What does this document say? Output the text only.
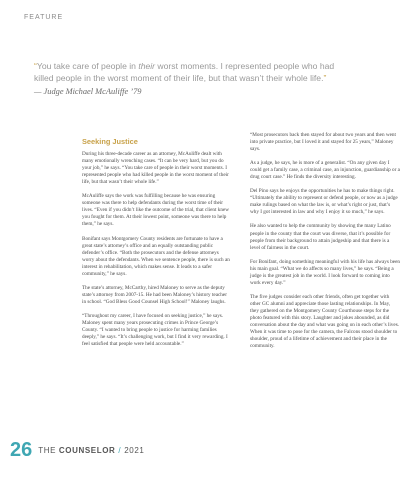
FEATURE
“You take care of people in their worst moments. I represented people who had killed people in the worst moment of their life, but that wasn’t their whole life.”
— Judge Michael McAuliffe ’79
Seeking Justice

During his three-decade career as an attorney, McAuliffe dealt with many emotionally wrenching cases. “It can be very hard, but you do your job,” he says. “You take care of people in their worst moments. I represented people who had killed people in the worst moment of their life, but that wasn’t their whole life.”

McAuliffe says the work was fulfilling because he was ensuring someone was there to help defendants during the worst time of their lives. “Even if you didn’t like the outcome of the trial, that client knew you fought for them. At their lowest point, someone was there to help them,” he says.

Bonifant says Montgomery County residents are fortunate to have a great state’s attorney’s office and an equally outstanding public defender’s office. “Both the prosecutors and the defense attorneys worry about the defendants. When we sentence people, there is such an interest in rehabilitation, which makes sense. It leads to a safer community,” he says.

The state’s attorney, McCarthy, hired Maloney to serve as the deputy state’s attorney from 2007-15. He had been Maloney’s history teacher in school. “God Bless Good Counsel High School!” Maloney laughs.

“Throughout my career, I have focused on seeking justice,” he says. Maloney spent many years prosecuting crimes in Prince George’s County. “I wanted to bring people to justice for harming families deeply,” he says. “It’s challenging work, but I find it very rewarding. I feel satisfied that people were held accountable.”

“Most prosecutors back then stayed for about two years and then went into private practice, but I loved it and stayed for 25 years,” Maloney says.

As a judge, he says, he is more of a generalist. “On any given day I could get a family case, a criminal case, an injunction, guardianship or a drug court case.” He finds the diversity interesting.

Del Pino says he enjoys the opportunities he has to make things right. “Ultimately the ability to represent or defend people, or now as a judge make rulings based on what the law is, or what’s right or just, that’s why I got interested in law and why I enjoy it so much,” he says.

He also wanted to help the community by showing the many Latino people in the county that the court was diverse, that it’s possible for people from their background to attain judgeship and that there is a level of fairness in the court.

For Bonifant, doing something meaningful with his life has always been his main goal. “What we do affects so many lives,” he says. “Being a judge is the greatest job in the world. I look forward to coming into work every day.”

The five judges consider each other friends, often get together with other GC alumni and appreciate those lasting relationships. In May, they gathered on the Montgomery County Courthouse steps for the photo featured with this story. Laughter and jokes abounded, as did conversation about the day and what was going on in each other’s lives. When it was time to pose for the camera, the Falcons stood shoulder to shoulder, proud of a lifetime of achievement and their place in the community.

26 THE COUNSELOR / 2021
